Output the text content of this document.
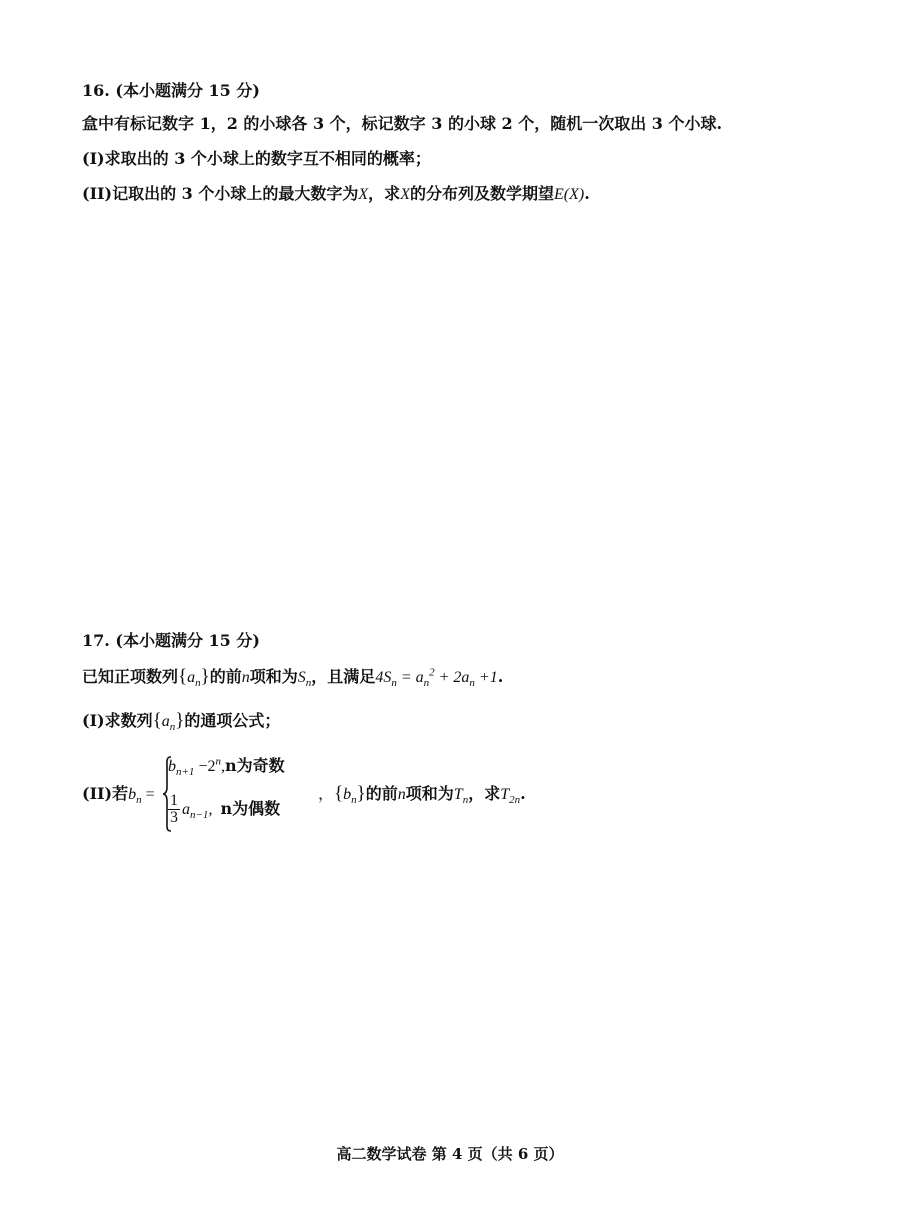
16. (本小题满分 15 分)
盒中有标记数字 1，2 的小球各 3 个，标记数字 3 的小球 2 个，随机一次取出 3 个小球.
(I)求取出的 3 个小球上的数字互不相同的概率；
(II)记取出的 3 个小球上的最大数字为X，求X的分布列及数学期望E(X).
17. (本小题满分 15 分)
已知正项数列$\{a_n\}$的前n项和为$S_n$，且满足$4S_n = a_n^2 + 2a_n +1$.
(I)求数列$\{a_n\}$的通项公式；
(II)若$b_n$ =
$b_{n+1} -2^n,n$为奇数
$\frac{1}{3} a_{n-1}$,  n为偶数
，$\{b_n\}$的前n项和为$T_n$，求$T_{2n}$.
高二数学试卷 第 4 页（共 6 页）
